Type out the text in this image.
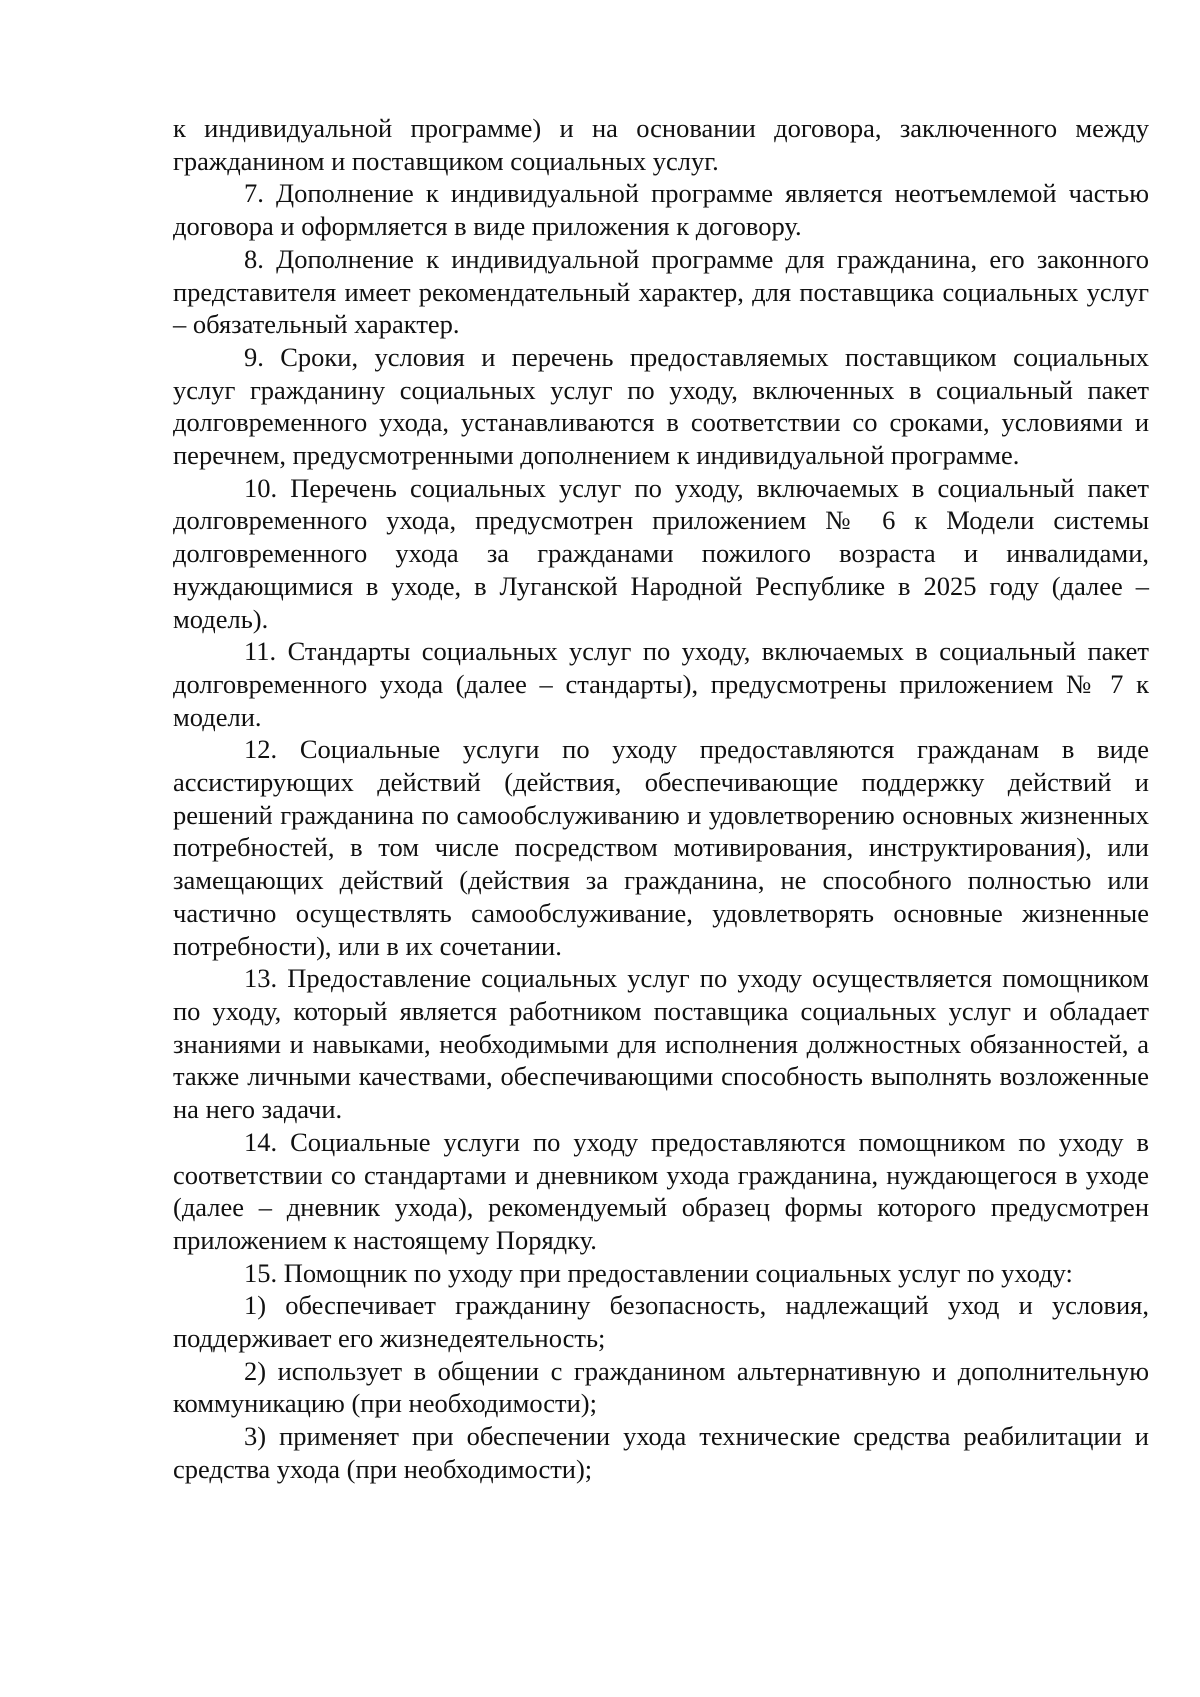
к индивидуальной программе) и на основании договора, заключенного между гражданином и поставщиком социальных услуг.

7. Дополнение к индивидуальной программе является неотъемлемой частью договора и оформляется в виде приложения к договору.

8. Дополнение к индивидуальной программе для гражданина, его законного представителя имеет рекомендательный характер, для поставщика социальных услуг – обязательный характер.

9. Сроки, условия и перечень предоставляемых поставщиком социальных услуг гражданину социальных услуг по уходу, включенных в социальный пакет долговременного ухода, устанавливаются в соответствии со сроками, условиями и перечнем, предусмотренными дополнением к индивидуальной программе.

10. Перечень социальных услуг по уходу, включаемых в социальный пакет долговременного ухода, предусмотрен приложением № 6 к Модели системы долговременного ухода за гражданами пожилого возраста и инвалидами, нуждающимися в уходе, в Луганской Народной Республике в 2025 году (далее – модель).

11. Стандарты социальных услуг по уходу, включаемых в социальный пакет долговременного ухода (далее – стандарты), предусмотрены приложением № 7 к модели.

12. Социальные услуги по уходу предоставляются гражданам в виде ассистирующих действий (действия, обеспечивающие поддержку действий и решений гражданина по самообслуживанию и удовлетворению основных жизненных потребностей, в том числе посредством мотивирования, инструктирования), или замещающих действий (действия за гражданина, не способного полностью или частично осуществлять самообслуживание, удовлетворять основные жизненные потребности), или в их сочетании.

13. Предоставление социальных услуг по уходу осуществляется помощником по уходу, который является работником поставщика социальных услуг и обладает знаниями и навыками, необходимыми для исполнения должностных обязанностей, а также личными качествами, обеспечивающими способность выполнять возложенные на него задачи.

14. Социальные услуги по уходу предоставляются помощником по уходу в соответствии со стандартами и дневником ухода гражданина, нуждающегося в уходе (далее – дневник ухода), рекомендуемый образец формы которого предусмотрен приложением к настоящему Порядку.

15. Помощник по уходу при предоставлении социальных услуг по уходу:

1) обеспечивает гражданину безопасность, надлежащий уход и условия, поддерживает его жизнедеятельность;

2) использует в общении с гражданином альтернативную и дополнительную коммуникацию (при необходимости);

3) применяет при обеспечении ухода технические средства реабилитации и средства ухода (при необходимости);
